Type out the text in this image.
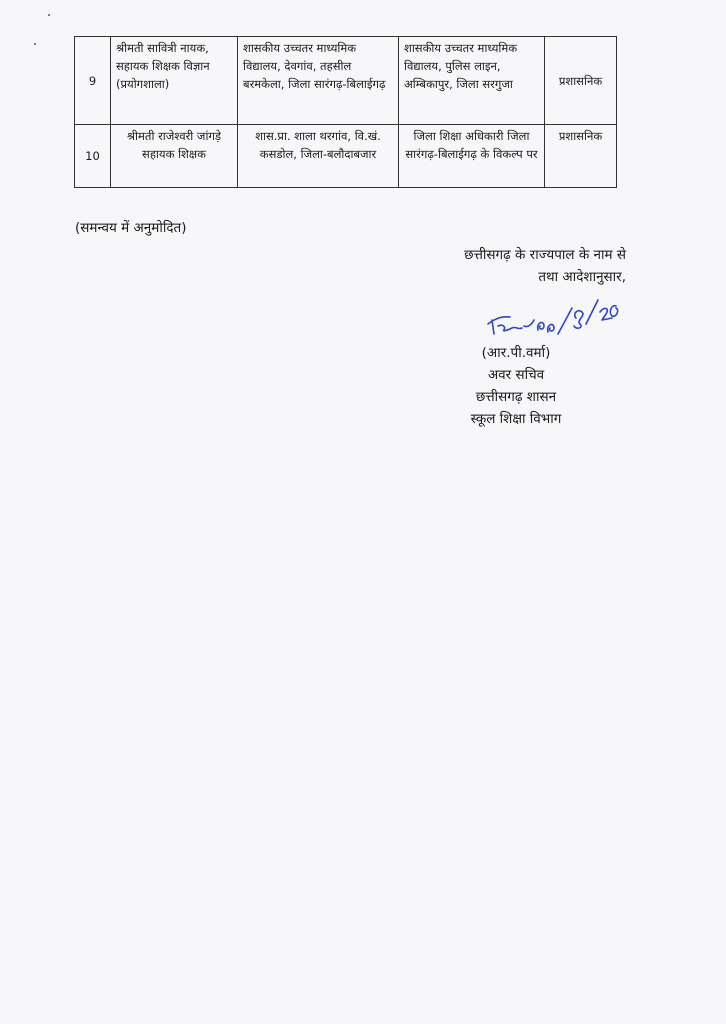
9	श्रीमती सावित्री नायक, सहायक शिक्षक विज्ञान (प्रयोगशाला)	शासकीय उच्चतर माध्यमिक विद्यालय, देवगांव, तहसील बरमकेला, जिला सारंगढ़-बिलाईगढ़	शासकीय उच्चतर माध्यमिक विद्यालय, पुलिस लाइन, अम्बिकापुर, जिला सरगुजा	प्रशासनिक
10	श्रीमती राजेश्वरी जांगड़े सहायक शिक्षक	शास.प्रा. शाला थरगांव, वि.खं. कसडोल, जिला-बलौदाबजार	जिला शिक्षा अधिकारी जिला सारंगढ़-बिलाईगढ़ के विकल्प पर	प्रशासनिक
(समन्वय में अनुमोदित)
छत्तीसगढ़ के राज्यपाल के नाम से
तथा आदेशानुसार,
(आर.पी.वर्मा)
अवर सचिव
छत्तीसगढ़ शासन
स्कूल शिक्षा विभाग
